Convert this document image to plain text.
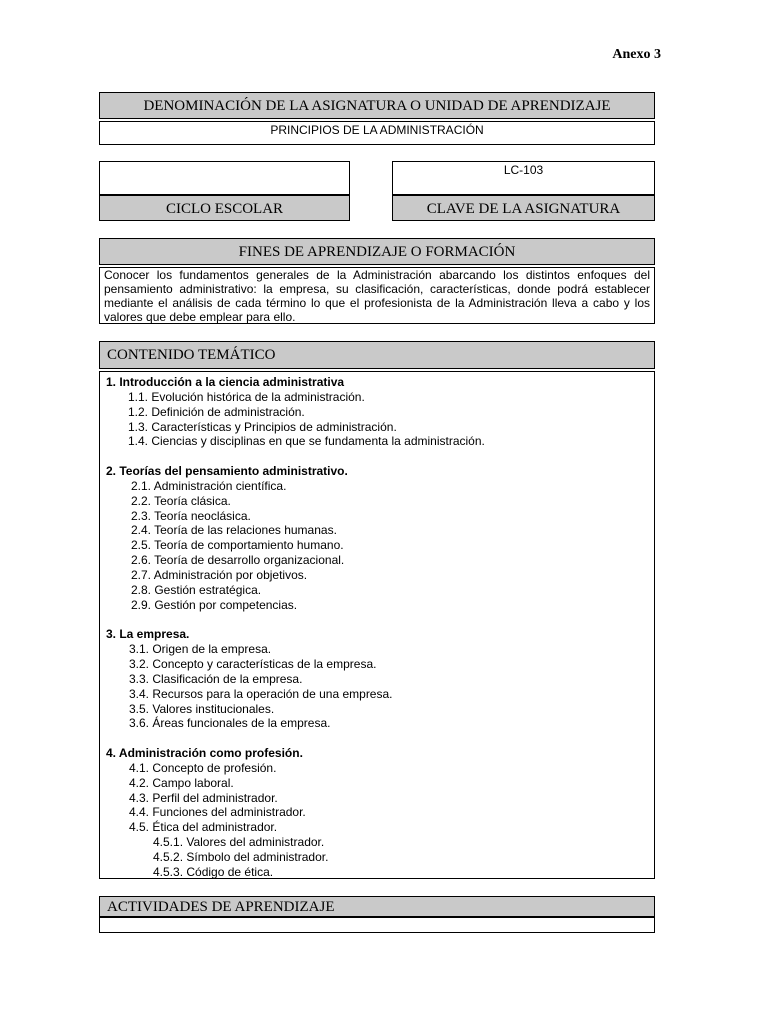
Anexo 3
DENOMINACIÓN DE LA ASIGNATURA O UNIDAD DE APRENDIZAJE
PRINCIPIOS DE LA ADMINISTRACIÓN
CICLO ESCOLAR
LC-103
CLAVE DE LA ASIGNATURA
FINES DE APRENDIZAJE O FORMACIÓN
Conocer los fundamentos generales de la Administración abarcando los distintos enfoques del pensamiento administrativo: la empresa, su clasificación, características, donde podrá establecer mediante el análisis de cada término lo que el profesionista de la Administración lleva a cabo y los valores que debe emplear para ello.
CONTENIDO TEMÁTICO
1. Introducción a la ciencia administrativa
1.1. Evolución histórica de la administración.
1.2. Definición de administración.
1.3. Características y Principios de administración.
1.4. Ciencias y disciplinas en que se fundamenta la administración.
2. Teorías del pensamiento administrativo.
2.1. Administración científica.
2.2. Teoría clásica.
2.3. Teoría neoclásica.
2.4. Teoría de las relaciones humanas.
2.5. Teoría de comportamiento humano.
2.6. Teoría de desarrollo organizacional.
2.7. Administración por objetivos.
2.8. Gestión estratégica.
2.9. Gestión por competencias.
3. La empresa.
3.1. Origen de la empresa.
3.2. Concepto y características de la empresa.
3.3. Clasificación de la empresa.
3.4. Recursos para la operación de una empresa.
3.5. Valores institucionales.
3.6. Áreas funcionales de la empresa.
4. Administración como profesión.
4.1. Concepto de profesión.
4.2. Campo laboral.
4.3. Perfil del administrador.
4.4. Funciones del administrador.
4.5. Ética del administrador.
4.5.1. Valores del administrador.
4.5.2. Símbolo del administrador.
4.5.3. Código de ética.
ACTIVIDADES DE APRENDIZAJE
